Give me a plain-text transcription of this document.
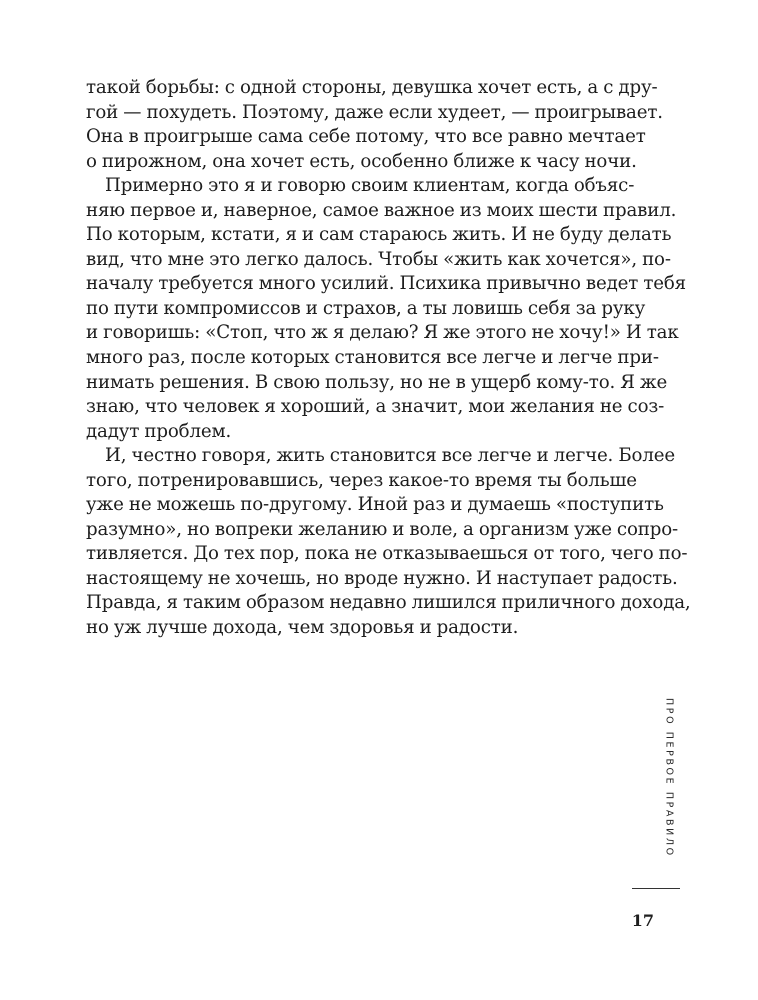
такой борьбы: с одной стороны, девушка хочет есть, а с дру-
гой — похудеть. Поэтому, даже если худеет, — проигрывает.
Она в проигрыше сама себе потому, что все равно мечтает
о пирожном, она хочет есть, особенно ближе к часу ночи.
Примерно это я и говорю своим клиентам, когда объяс-
няю первое и, наверное, самое важное из моих шести правил.
По которым, кстати, я и сам стараюсь жить. И не буду делать
вид, что мне это легко далось. Чтобы «жить как хочется», по-
началу требуется много усилий. Психика привычно ведет тебя
по пути компромиссов и страхов, а ты ловишь себя за руку
и говоришь: «Стоп, что ж я делаю? Я же этого не хочу!» И так
много раз, после которых становится все легче и легче при-
нимать решения. В свою пользу, но не в ущерб кому-то. Я же
знаю, что человек я хороший, а значит, мои желания не соз-
дадут проблем.
И, честно говоря, жить становится все легче и легче. Более
того, потренировавшись, через какое-то время ты больше
уже не можешь по-другому. Иной раз и думаешь «поступить
разумно», но вопреки желанию и воле, а организм уже сопро-
тивляется. До тех пор, пока не отказываешься от того, чего по-
настоящему не хочешь, но вроде нужно. И наступает радость.
Правда, я таким образом недавно лишился приличного дохода,
но уж лучше дохода, чем здоровья и радости.
ПРО ПЕРВОЕ ПРАВИЛО
17
